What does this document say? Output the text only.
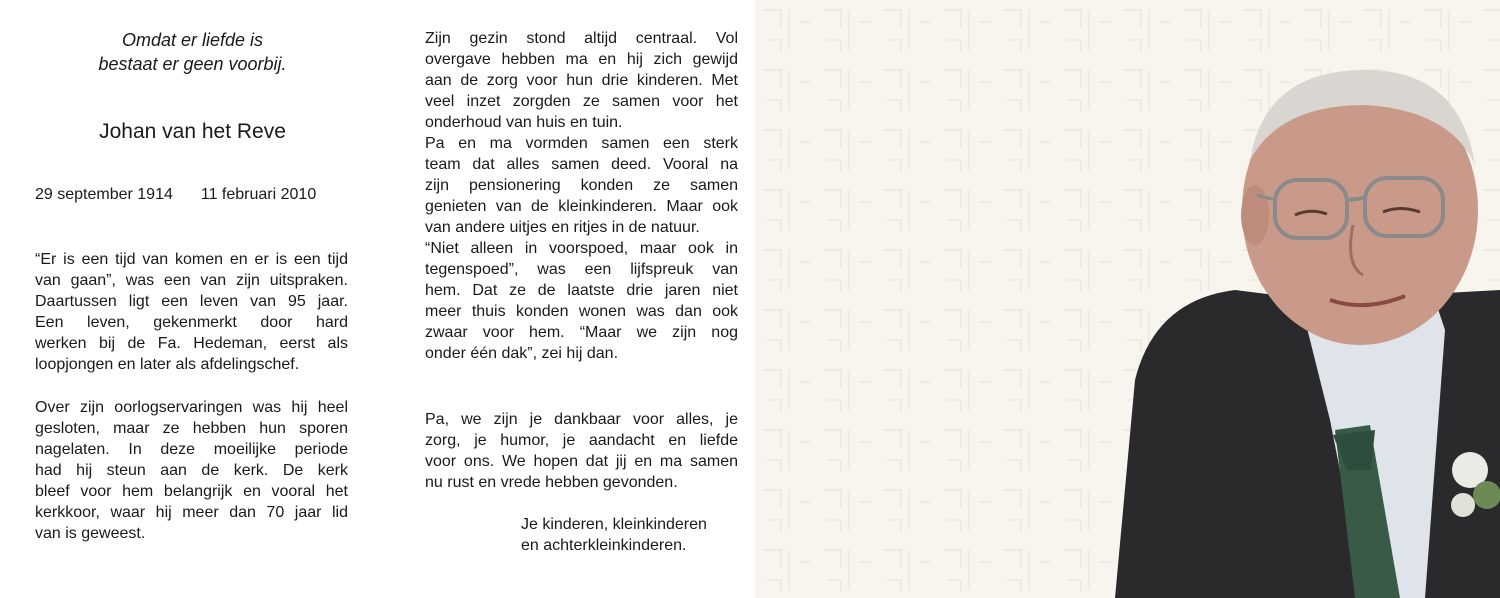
Omdat er liefde is
bestaat er geen voorbij.
Johan van het Reve
29 september 1914 11 februari 2010
“Er is een tijd van komen en er is een tijd
van gaan”, was een van zijn uitspraken.
Daartussen ligt een leven van 95 jaar.
Een leven, gekenmerkt door hard
werken bij de Fa. Hedeman, eerst als
loopjongen en later als afdelingschef.
Over zijn oorlogservaringen was hij heel
gesloten, maar ze hebben hun sporen
nagelaten. In deze moeilijke periode
had hij steun aan de kerk. De kerk
bleef voor hem belangrijk en vooral het
kerkkoor, waar hij meer dan 70 jaar lid
van is geweest.
Zijn gezin stond altijd centraal. Vol
overgave hebben ma en hij zich gewijd
aan de zorg voor hun drie kinderen. Met
veel inzet zorgden ze samen voor het
onderhoud van huis en tuin.
Pa en ma vormden samen een sterk
team dat alles samen deed. Vooral na
zijn pensionering konden ze samen
genieten van de kleinkinderen. Maar ook
van andere uitjes en ritjes in de natuur.
“Niet alleen in voorspoed, maar ook in
tegenspoed”, was een lijfspreuk van
hem. Dat ze de laatste drie jaren niet
meer thuis konden wonen was dan ook
zwaar voor hem. “Maar we zijn nog
onder één dak”, zei hij dan.
Pa, we zijn je dankbaar voor alles, je
zorg, je humor, je aandacht en liefde
voor ons. We hopen dat jij en ma samen
nu rust en vrede hebben gevonden.
Je kinderen, kleinkinderen
en achterkleinkinderen.
